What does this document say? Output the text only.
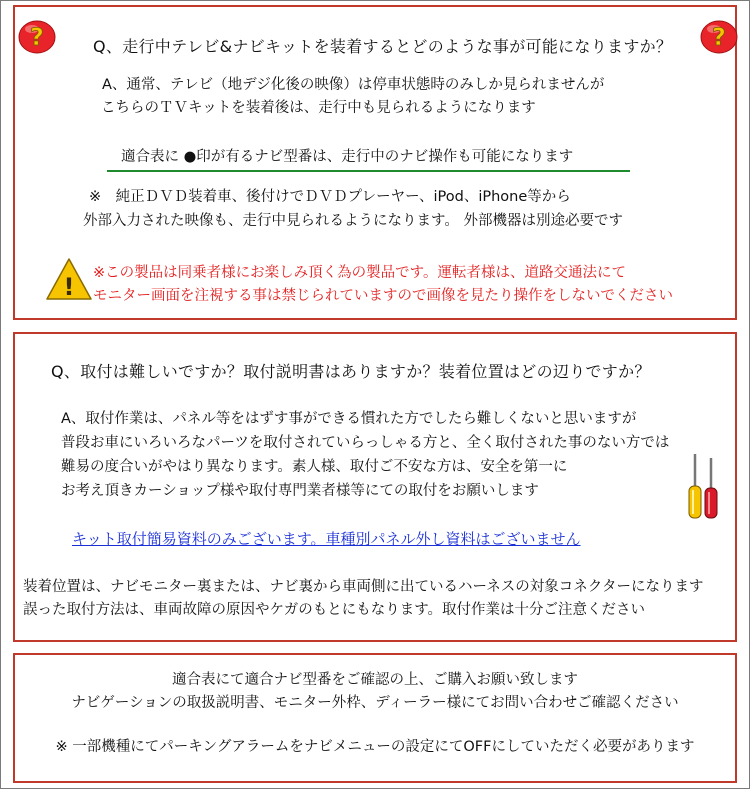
?	?
Q、走行中テレビ&ナビキットを装着するとどのような事が可能になりますか？
A、通常、テレビ（地デジ化後の映像）は停車状態時のみしか見られませんが
こちらのＴＶキットを装着後は、走行中も見られるようになります
適合表に ●印が有るナビ型番は、走行中のナビ操作も可能になります
※　純正ＤＶＤ装着車、後付けでＤＶＤプレーヤー、iPod、iPhone等から
外部入力された映像も、走行中見られるようになります。 外部機器は別途必要です
! ※この製品は同乗者様にお楽しみ頂く為の製品です。運転者様は、道路交通法にて
モニター画面を注視する事は禁じられていますので画像を見たり操作をしないでください
Q、取付は難しいですか？取付説明書はありますか？装着位置はどの辺りですか？
A、取付作業は、パネル等をはずす事ができる慣れた方でしたら難しくないと思いますが
普段お車にいろいろなパーツを取付されていらっしゃる方と、全く取付された事のない方では
難易の度合いがやはり異なります。素人様、取付ご不安な方は、安全を第一に
お考え頂きカーショップ様や取付専門業者様等にての取付をお願いします
キット取付簡易資料のみございます。車種別パネル外し資料はございません
装着位置は、ナビモニター裏または、ナビ裏から車両側に出ているハーネスの対象コネクターになります
誤った取付方法は、車両故障の原因やケガのもとにもなります。取付作業は十分ご注意ください
適合表にて適合ナビ型番をご確認の上、ご購入お願い致します
ナビゲーションの取扱説明書、モニター外枠、ディーラー様にてお問い合わせご確認ください
※ 一部機種にてパーキングアラームをナビメニューの設定にてOFFにしていただく必要があります
